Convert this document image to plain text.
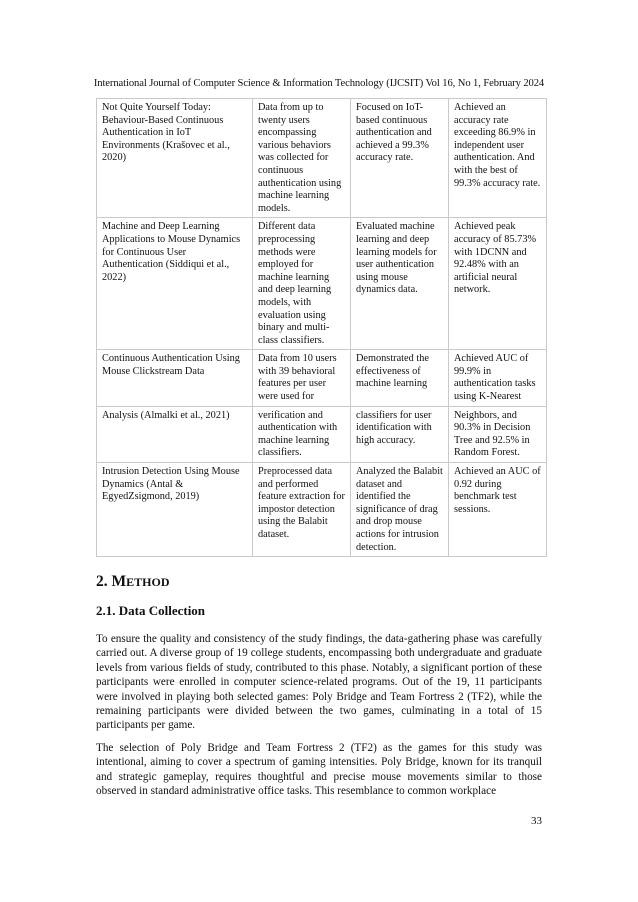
International Journal of Computer Science & Information Technology (IJCSIT) Vol 16, No 1, February 2024
Not Quite Yourself Today: Behaviour-Based Continuous Authentication in IoT Environments (Krašovec et al., 2020)	Data from up to twenty users encompassing various behaviors was collected for continuous authentication using machine learning models.	Focused on IoT-based continuous authentication and achieved a 99.3% accuracy rate.	Achieved an accuracy rate exceeding 86.9% in independent user authentication. And with the best of 99.3% accuracy rate.
Machine and Deep Learning Applications to Mouse Dynamics for Continuous User Authentication (Siddiqui et al., 2022)	Different data preprocessing methods were employed for machine learning and deep learning models, with evaluation using binary and multi-class classifiers.	Evaluated machine learning and deep learning models for user authentication using mouse dynamics data.	Achieved peak accuracy of 85.73% with 1DCNN and 92.48% with an artificial neural network.
Continuous Authentication Using Mouse Clickstream Data	Data from 10 users with 39 behavioral features per user were used for	Demonstrated the effectiveness of machine learning	Achieved AUC of 99.9% in authentication tasks using K-Nearest
Analysis (Almalki et al., 2021)	verification and authentication with machine learning classifiers.	classifiers for user identification with high accuracy.	Neighbors, and 90.3% in Decision Tree and 92.5% in Random Forest.
Intrusion Detection Using Mouse Dynamics (Antal & EgyedZsigmond, 2019)	Preprocessed data and performed feature extraction for impostor detection using the Balabit dataset.	Analyzed the Balabit dataset and identified the significance of drag and drop mouse actions for intrusion detection.	Achieved an AUC of 0.92 during benchmark test sessions.
2. METHOD
2.1. Data Collection

To ensure the quality and consistency of the study findings, the data-gathering phase was carefully carried out. A diverse group of 19 college students, encompassing both undergraduate and graduate levels from various fields of study, contributed to this phase. Notably, a significant portion of these participants were enrolled in computer science-related programs. Out of the 19, 11 participants were involved in playing both selected games: Poly Bridge and Team Fortress 2 (TF2), while the remaining participants were divided between the two games, culminating in a total of 15 participants per game.

The selection of Poly Bridge and Team Fortress 2 (TF2) as the games for this study was intentional, aiming to cover a spectrum of gaming intensities. Poly Bridge, known for its tranquil and strategic gameplay, requires thoughtful and precise mouse movements similar to those observed in standard administrative office tasks. This resemblance to common workplace

33
